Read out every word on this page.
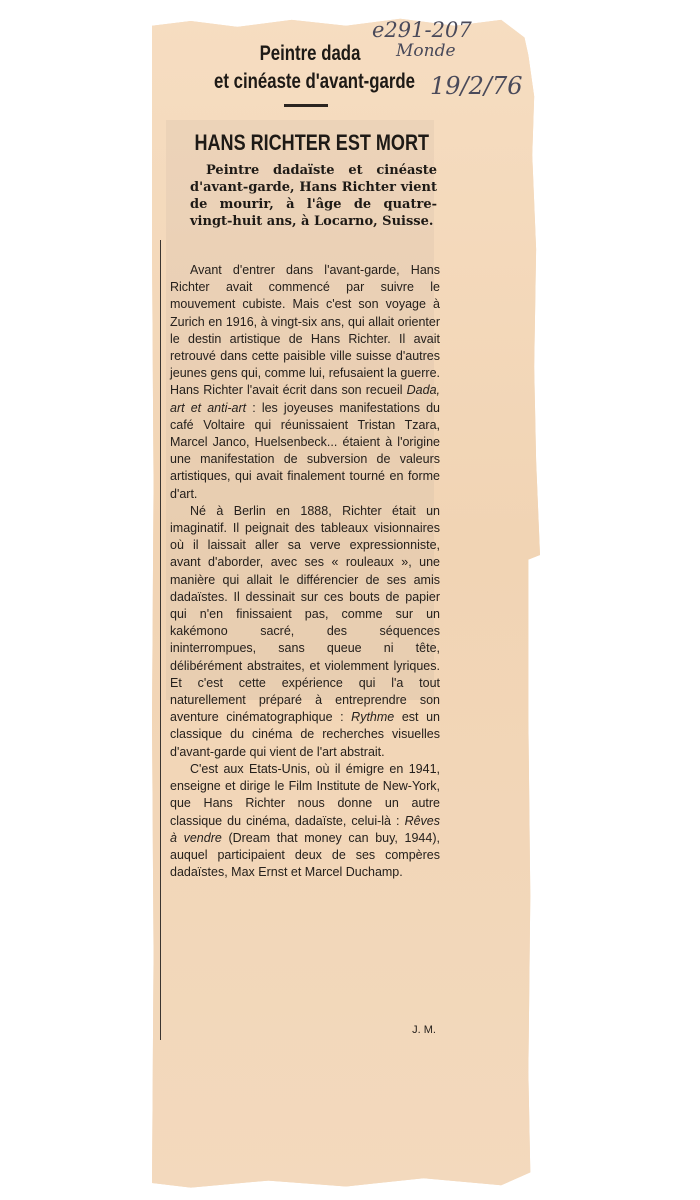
e291-207
Monde
19/2/76
Peintre dada
et cinéaste d'avant-garde
HANS RICHTER EST MORT

Peintre dadaïste et cinéaste d'avant-garde, Hans Richter vient de mourir, à l'âge de quatre-vingt-huit ans, à Locarno, Suisse.

Avant d'entrer dans l'avant-garde, Hans Richter avait commencé par suivre le mouvement cubiste. Mais c'est son voyage à Zurich en 1916, à vingt-six ans, qui allait orienter le destin artistique de Hans Richter. Il avait retrouvé dans cette paisible ville suisse d'autres jeunes gens qui, comme lui, refusaient la guerre. Hans Richter l'avait écrit dans son recueil Dada, art et anti-art : les joyeuses manifestations du café Voltaire qui réunissaient Tristan Tzara, Marcel Janco, Huelsenbeck... étaient à l'origine une manifestation de subversion de valeurs artistiques, qui avait finalement tourné en forme d'art.

Né à Berlin en 1888, Richter était un imaginatif. Il peignait des tableaux visionnaires où il laissait aller sa verve expressionniste, avant d'aborder, avec ses « rouleaux », une manière qui allait le différencier de ses amis dadaïstes. Il dessinait sur ces bouts de papier qui n'en finissaient pas, comme sur un kakémono sacré, des séquences ininterrompues, sans queue ni tête, délibérément abstraites, et violemment lyriques. Et c'est cette expérience qui l'a tout naturellement préparé à entreprendre son aventure cinématographique : Rythme est un classique du cinéma de recherches visuelles d'avant-garde qui vient de l'art abstrait.

C'est aux Etats-Unis, où il émigre en 1941, enseigne et dirige le Film Institute de New-York, que Hans Richter nous donne un autre classique du cinéma, dadaïste, celui-là : Rêves à vendre (Dream that money can buy, 1944), auquel participaient deux de ses compères dadaïstes, Max Ernst et Marcel Duchamp.

J. M.
